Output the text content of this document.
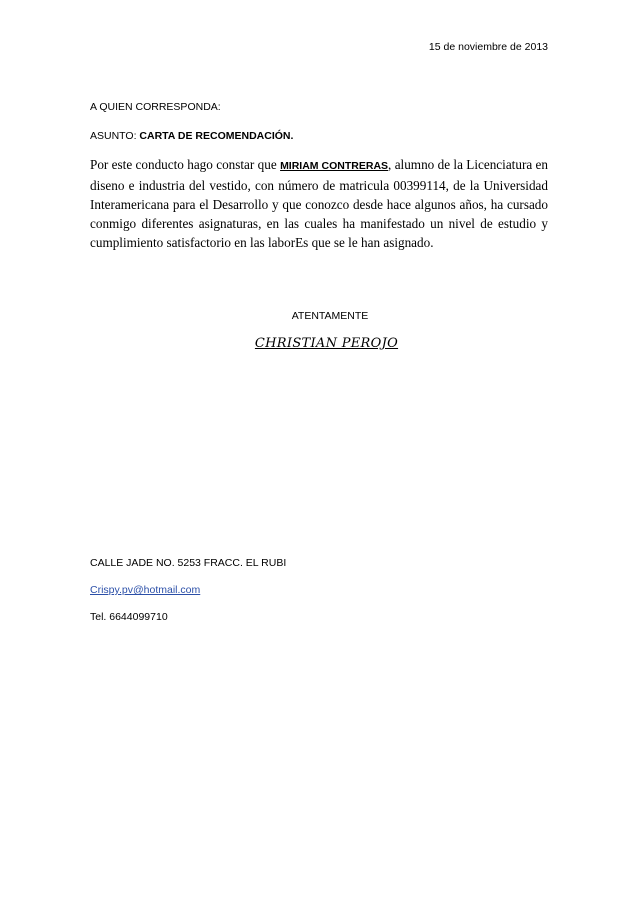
15 de noviembre de 2013
A QUIEN CORRESPONDA:
ASUNTO: CARTA DE RECOMENDACIÓN.

Por este conducto hago constar que MIRIAM CONTRERAS, alumno de la Licenciatura en diseno e industria del vestido, con número de matricula 00399114, de la Universidad Interamericana para el Desarrollo y que conozco desde hace algunos años, ha cursado conmigo diferentes asignaturas, en las cuales ha manifestado un nivel de estudio y cumplimiento satisfactorio en las laborEs que se le han asignado.

ATENTAMENTE
CHRISTIAN PEROJO
CALLE JADE NO. 5253 FRACC. EL RUBI
Crispy.pv@hotmail.com
Tel. 6644099710
